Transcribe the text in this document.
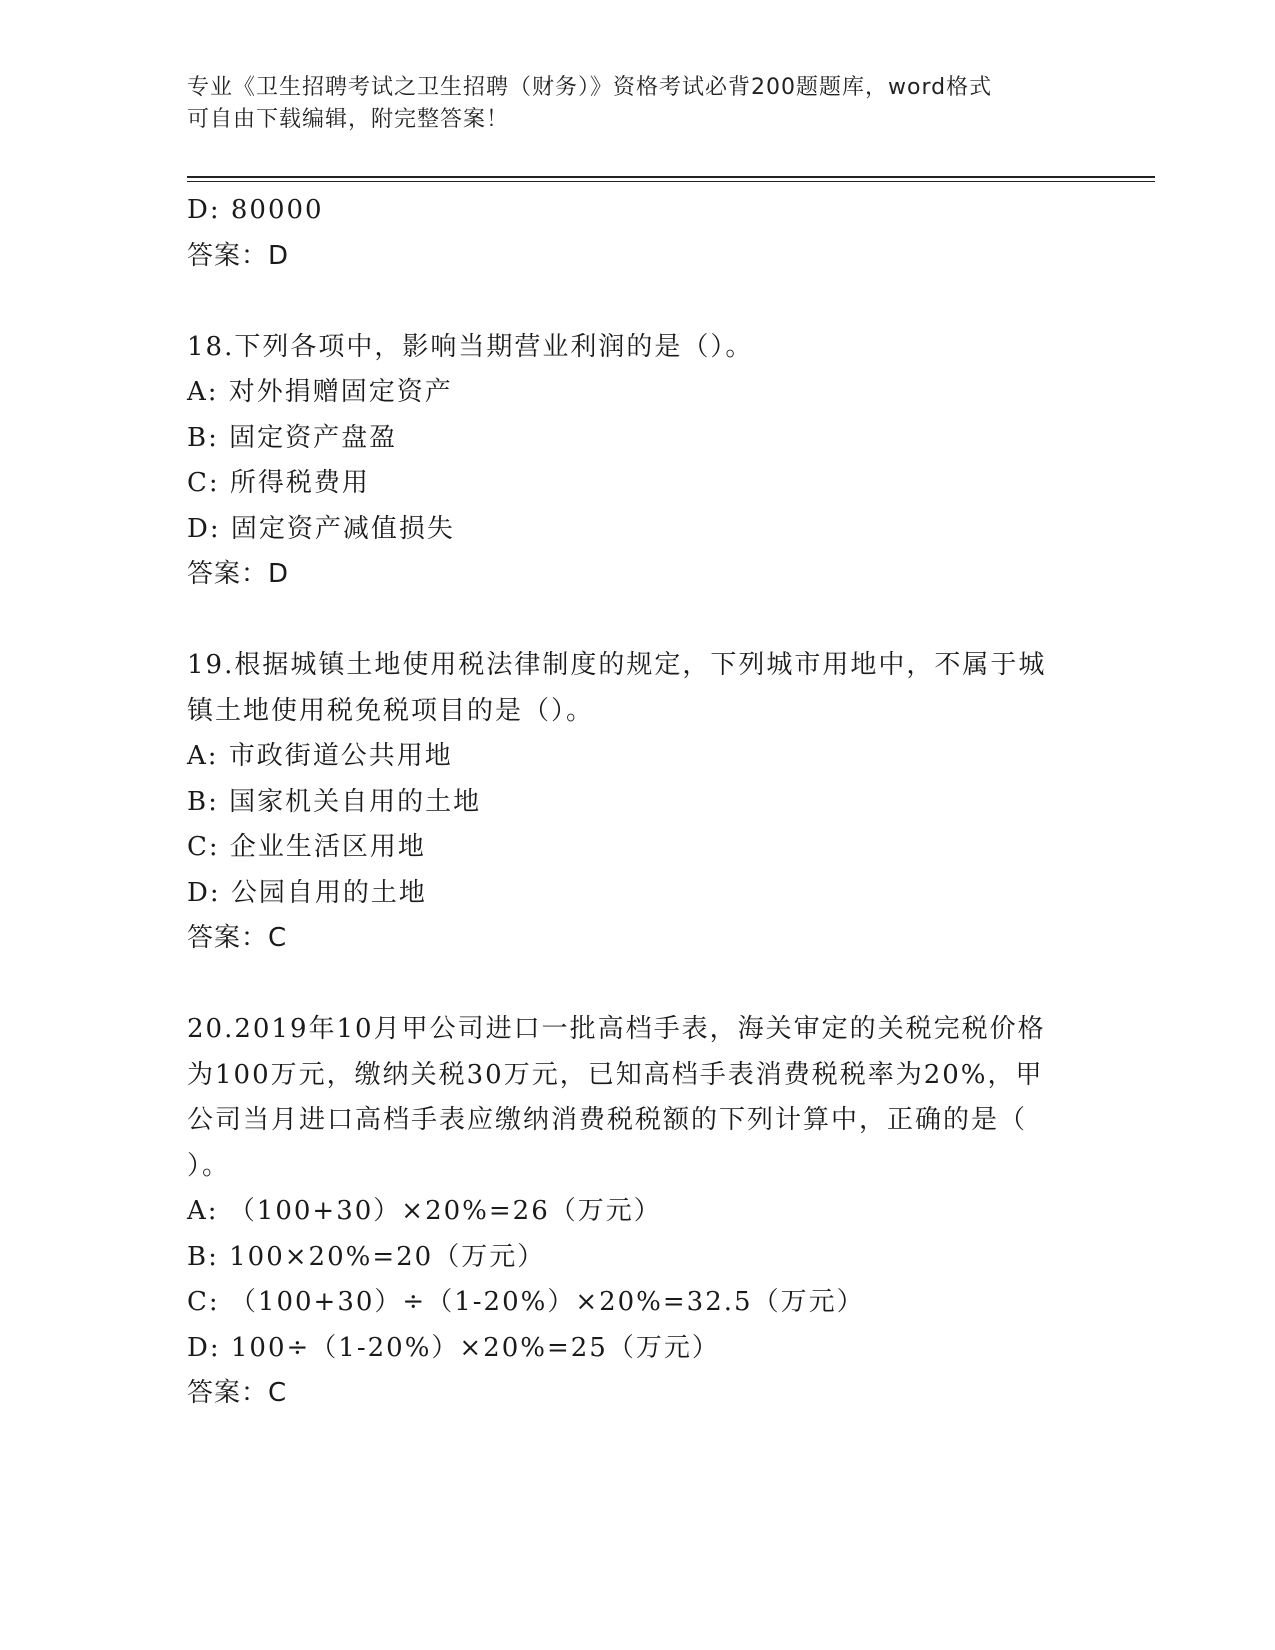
专业《卫生招聘考试之卫生招聘（财务）》资格考试必背200题题库，word格式
可自由下载编辑，附完整答案！
D: 80000
答案：D
18.下列各项中，影响当期营业利润的是（）。
A: 对外捐赠固定资产
B: 固定资产盘盈
C: 所得税费用
D: 固定资产减值损失
答案：D
19.根据城镇土地使用税法律制度的规定，下列城市用地中，不属于城
镇土地使用税免税项目的是（）。
A: 市政街道公共用地
B: 国家机关自用的土地
C: 企业生活区用地
D: 公园自用的土地
答案：C
20.2019年10月甲公司进口一批高档手表，海关审定的关税完税价格
为100万元，缴纳关税30万元，已知高档手表消费税税率为20%，甲
公司当月进口高档手表应缴纳消费税税额的下列计算中，正确的是（
）。
A: （100+30）×20%=26（万元）
B: 100×20%=20（万元）
C: （100+30）÷（1-20%）×20%=32.5（万元）
D: 100÷（1-20%）×20%=25（万元）
答案：C
